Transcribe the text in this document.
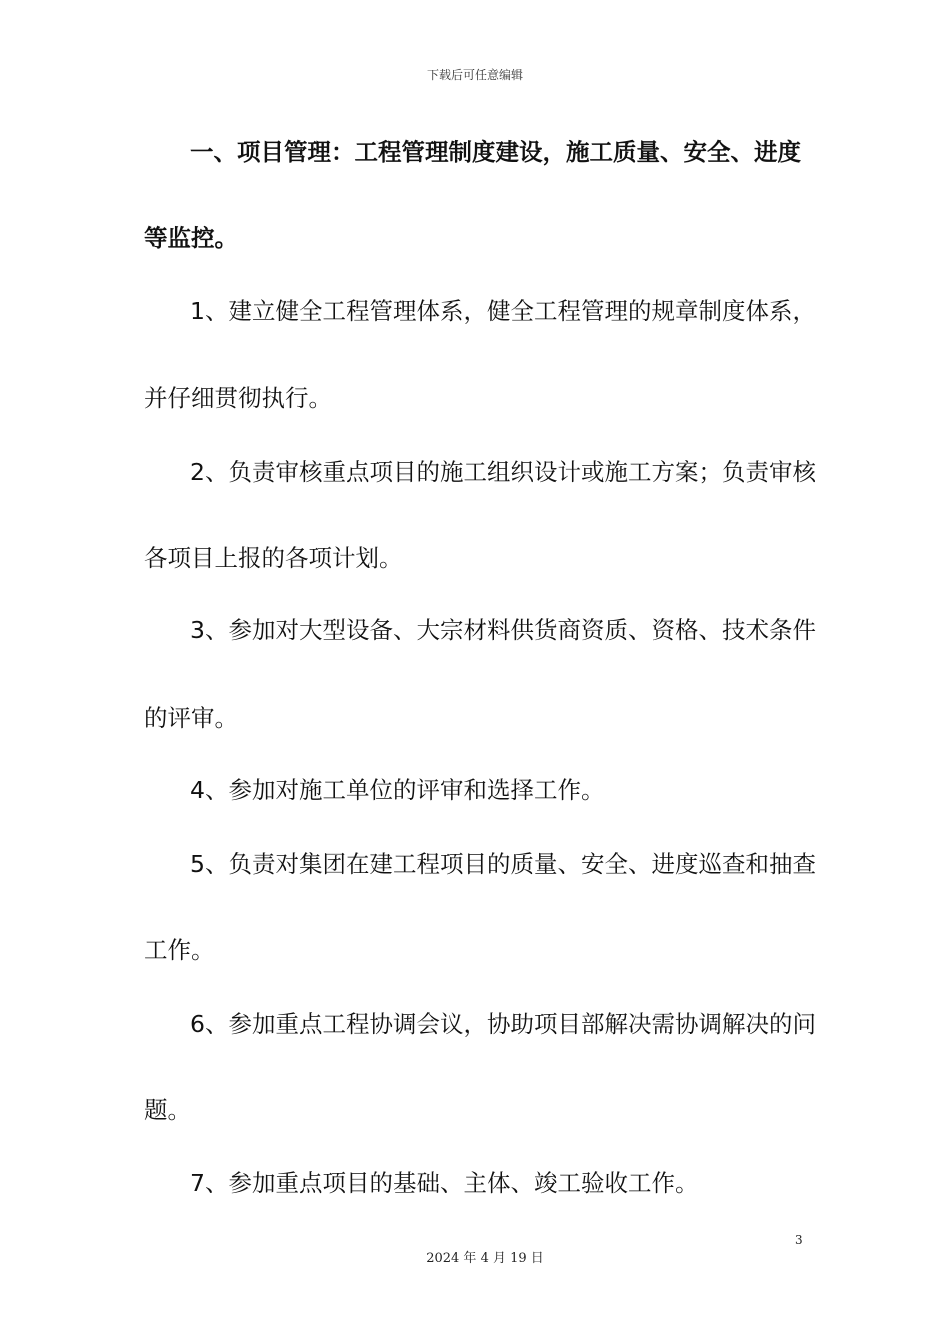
下载后可任意编辑
一、项目管理：工程管理制度建设，施工质量、安全、进度
等监控。
1、建立健全工程管理体系，健全工程管理的规章制度体系，
并仔细贯彻执行。
2、负责审核重点项目的施工组织设计或施工方案；负责审核
各项目上报的各项计划。
3、参加对大型设备、大宗材料供货商资质、资格、技术条件
的评审。
4、参加对施工单位的评审和选择工作。
5、负责对集团在建工程项目的质量、安全、进度巡查和抽查
工作。
6、参加重点工程协调会议，协助项目部解决需协调解决的问
题。
7、参加重点项目的基础、主体、竣工验收工作。
3
2024 年 4 月 19 日
